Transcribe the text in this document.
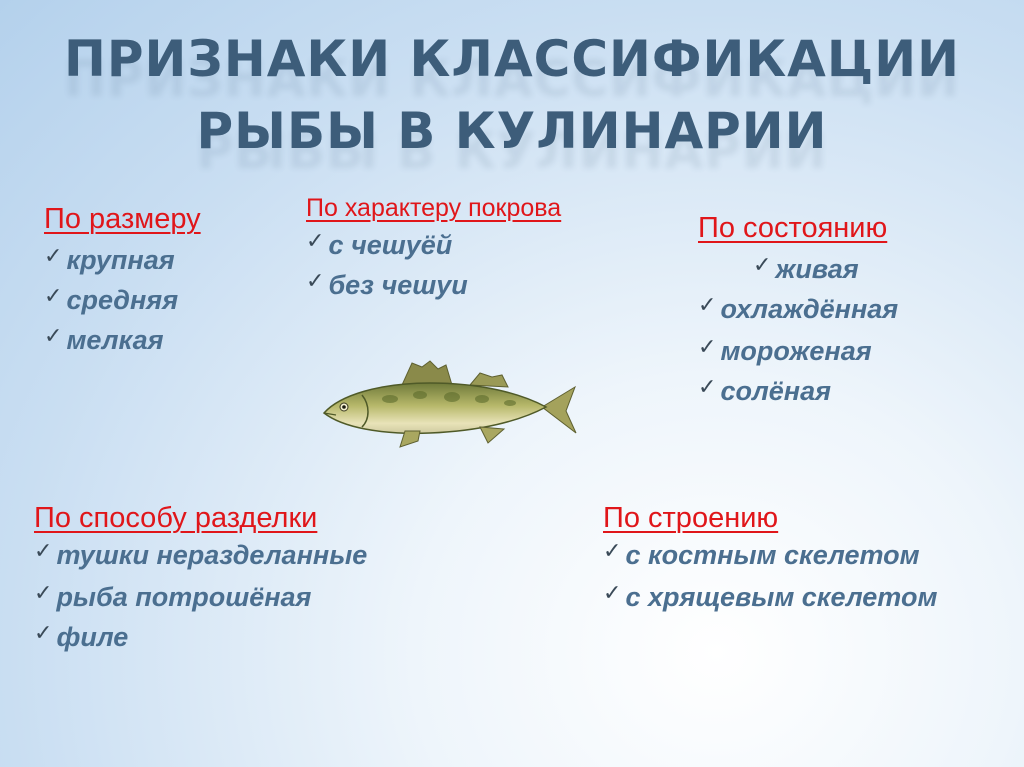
ПРИЗНАКИ КЛАССИФИКАЦИИ
РЫБЫ В КУЛИНАРИИ
По размеру
✓ крупная
✓ средняя
✓ мелкая
По характеру покрова
✓ с чешуёй
✓ без чешуи
По состоянию
✓ живая
✓ охлаждённая
✓ мороженая
✓ солёная
По способу разделки
✓ тушки неразделанные
✓ рыба потрошёная
✓ филе
По строению
✓ с костным скелетом
✓ с хрящевым скелетом
